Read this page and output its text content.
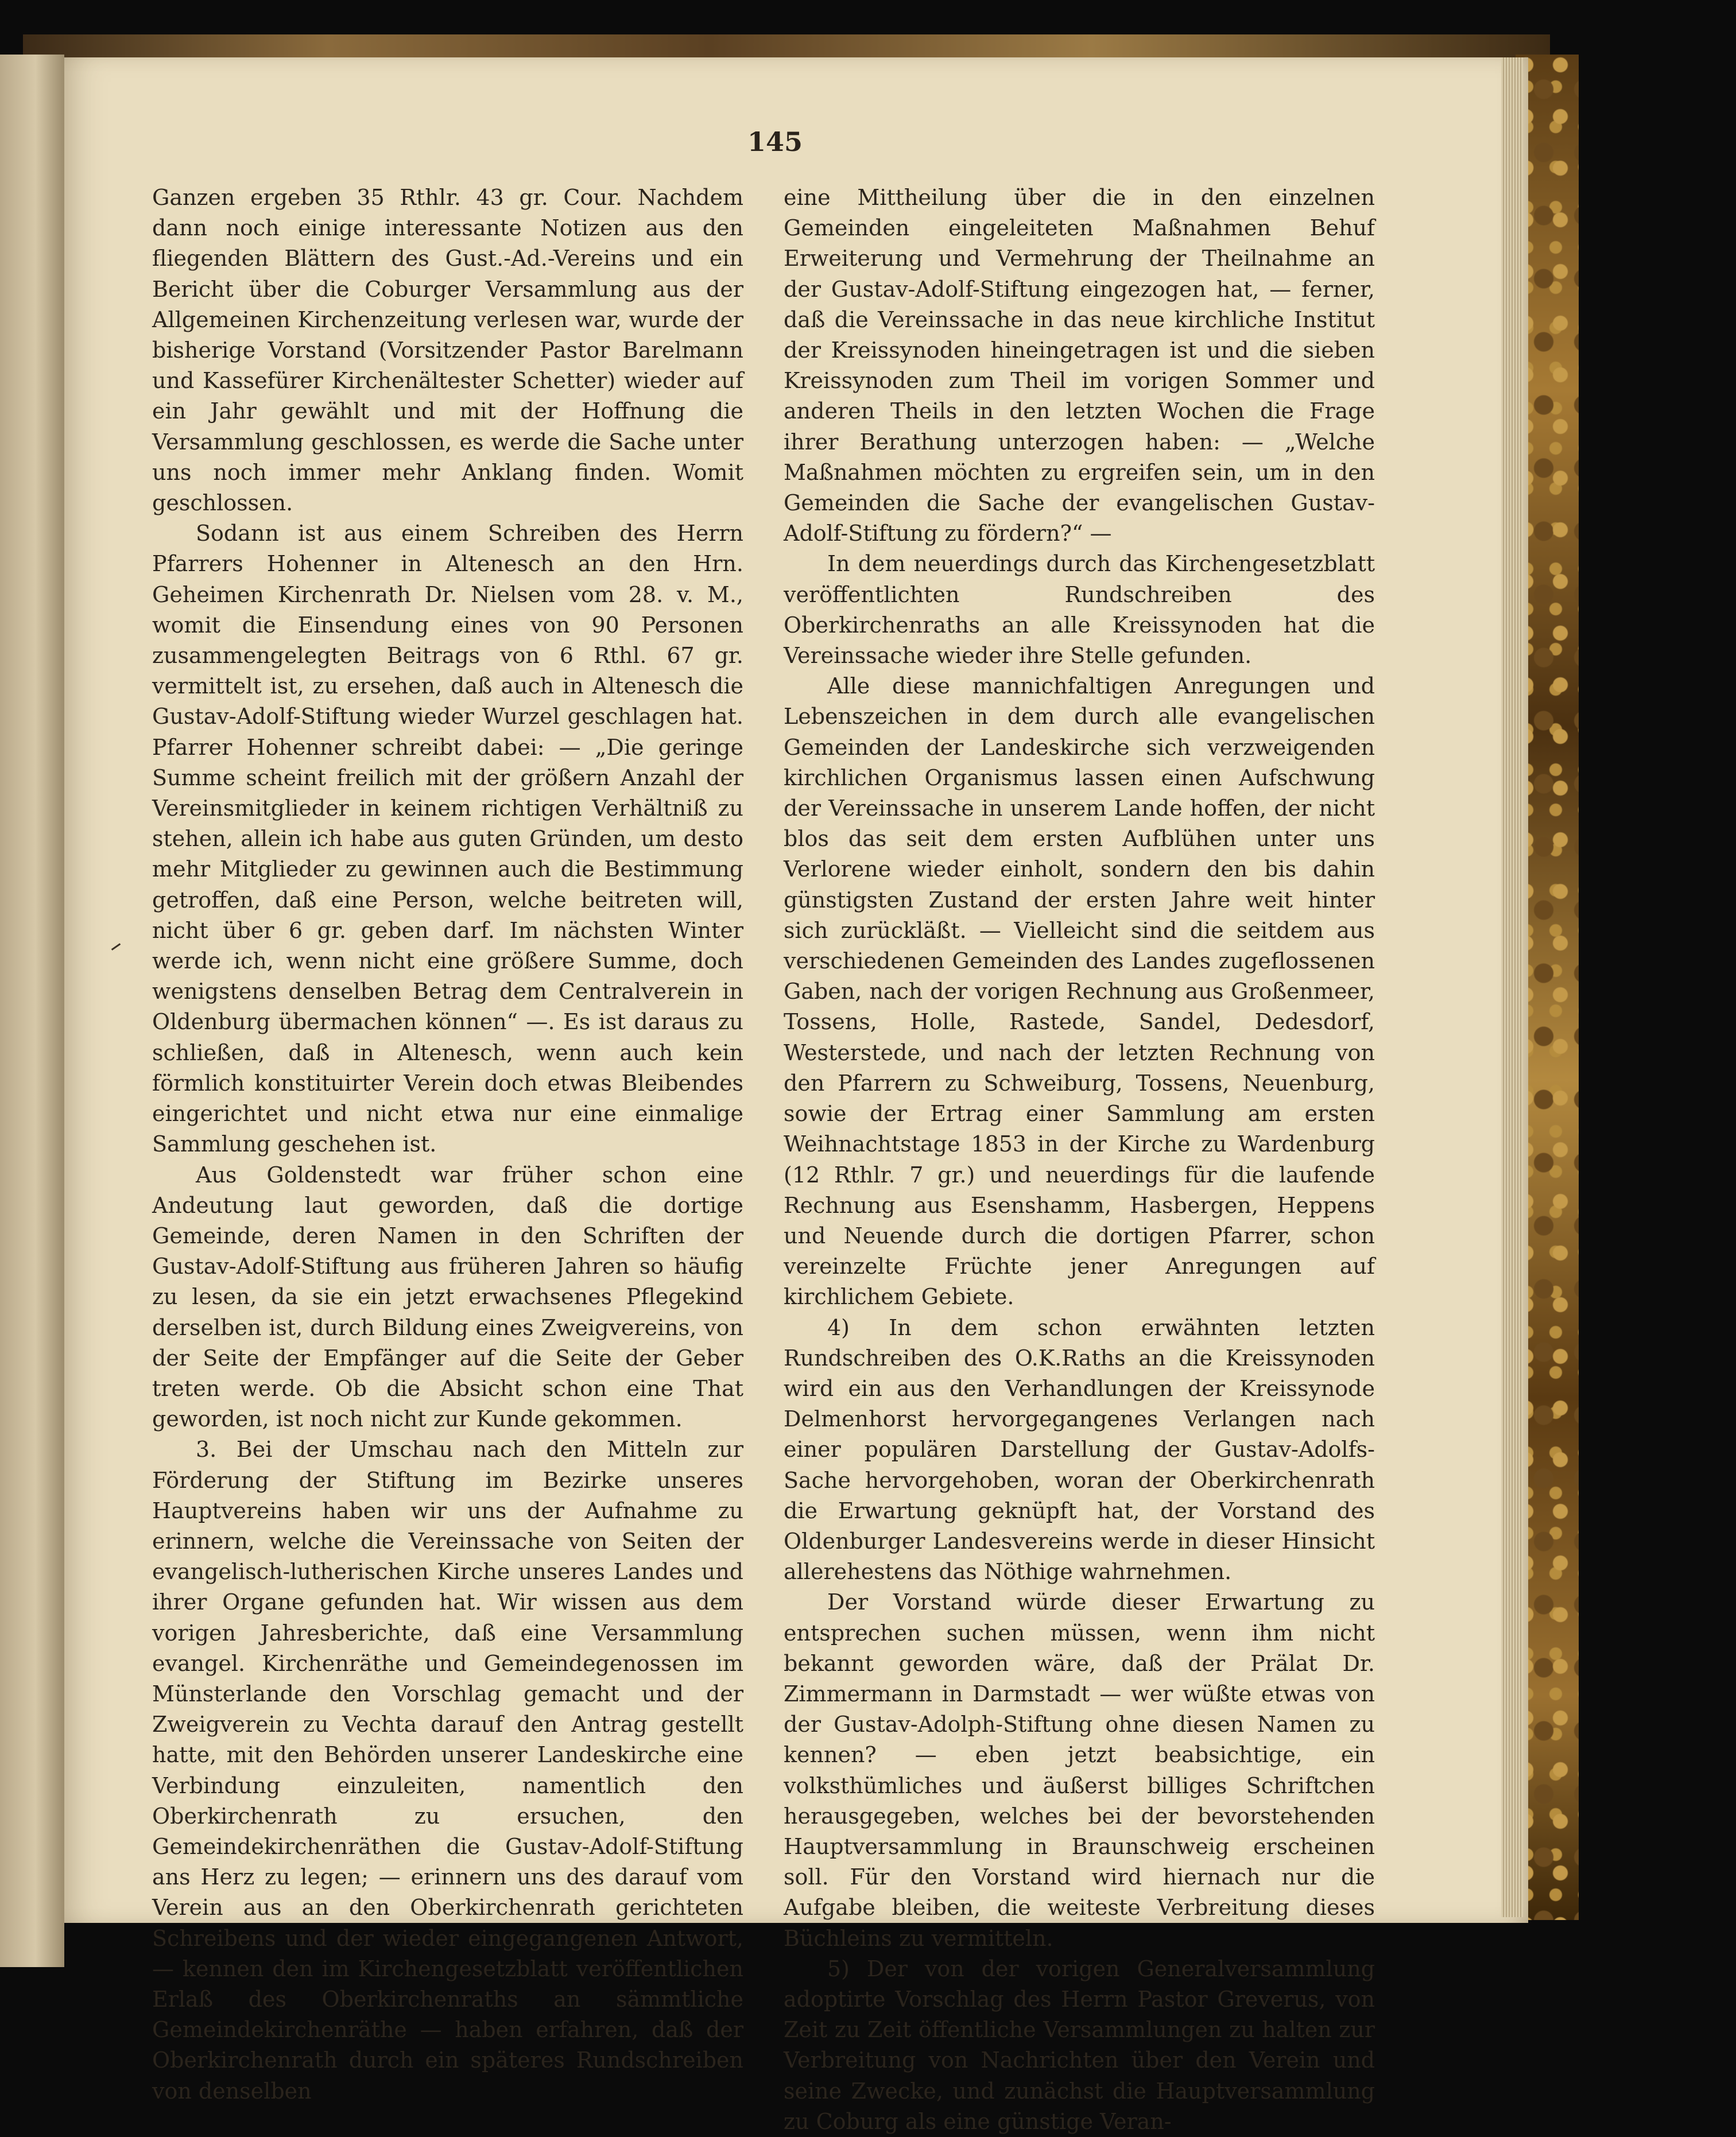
145

Ganzen ergeben 35 Rthlr. 43 gr. Cour. Nachdem dann noch einige interessante Notizen aus den fliegenden Blättern des Gust.-Ad.-Vereins und ein Bericht über die Coburger Versammlung aus der Allgemeinen Kirchenzeitung verlesen war, wurde der bisherige Vorstand (Vorsitzender Pastor Barelmann und Kassefürer Kirchenältester Schetter) wieder auf ein Jahr gewählt und mit der Hoffnung die Versammlung geschlossen, es werde die Sache unter uns noch immer mehr Anklang finden. Womit geschlossen.

Sodann ist aus einem Schreiben des Herrn Pfarrers Hohenner in Altenesch an den Hrn. Geheimen Kirchenrath Dr. Nielsen vom 28. v. M., womit die Einsendung eines von 90 Personen zusammengelegten Beitrags von 6 Rthl. 67 gr. vermittelt ist, zu ersehen, daß auch in Altenesch die Gustav-Adolf-Stiftung wieder Wurzel geschlagen hat. Pfarrer Hohenner schreibt dabei: — „Die geringe Summe scheint freilich mit der größern Anzahl der Vereinsmitglieder in keinem richtigen Verhältniß zu stehen, allein ich habe aus guten Gründen, um desto mehr Mitglieder zu gewinnen auch die Bestimmung getroffen, daß eine Person, welche beitreten will, nicht über 6 gr. geben darf. Im nächsten Winter werde ich, wenn nicht eine größere Summe, doch wenigstens denselben Betrag dem Centralverein in Oldenburg übermachen können“ —. Es ist daraus zu schließen, daß in Altenesch, wenn auch kein förmlich konstituirter Verein doch etwas Bleibendes eingerichtet und nicht etwa nur eine einmalige Sammlung geschehen ist.

Aus Goldenstedt war früher schon eine Andeutung laut geworden, daß die dortige Gemeinde, deren Namen in den Schriften der Gustav-Adolf-Stiftung aus früheren Jahren so häufig zu lesen, da sie ein jetzt erwachsenes Pflegekind derselben ist, durch Bildung eines Zweigvereins, von der Seite der Empfänger auf die Seite der Geber treten werde. Ob die Absicht schon eine That geworden, ist noch nicht zur Kunde gekommen.

3. Bei der Umschau nach den Mitteln zur Förderung der Stiftung im Bezirke unseres Hauptvereins haben wir uns der Aufnahme zu erinnern, welche die Vereinssache von Seiten der evangelisch-lutherischen Kirche unseres Landes und ihrer Organe gefunden hat. Wir wissen aus dem vorigen Jahresberichte, daß eine Versammlung evangel. Kirchenräthe und Gemeindegenossen im Münsterlande den Vorschlag gemacht und der Zweigverein zu Vechta darauf den Antrag gestellt hatte, mit den Behörden unserer Landeskirche eine Verbindung einzuleiten, namentlich den Oberkirchenrath zu ersuchen, den Gemeindekirchenräthen die Gustav-Adolf-Stiftung ans Herz zu legen; — erinnern uns des darauf vom Verein aus an den Oberkirchenrath gerichteten Schreibens und der wieder eingegangenen Antwort, — kennen den im Kirchengesetzblatt veröffentlichen Erlaß des Oberkirchenraths an sämmtliche Gemeindekirchenräthe — haben erfahren, daß der Oberkirchenrath durch ein späteres Rundschreiben von denselben

eine Mittheilung über die in den einzelnen Gemeinden eingeleiteten Maßnahmen Behuf Erweiterung und Vermehrung der Theilnahme an der Gustav-Adolf-Stiftung eingezogen hat, — ferner, daß die Vereinssache in das neue kirchliche Institut der Kreissynoden hineingetragen ist und die sieben Kreissynoden zum Theil im vorigen Sommer und anderen Theils in den letzten Wochen die Frage ihrer Berathung unterzogen haben: — „Welche Maßnahmen möchten zu ergreifen sein, um in den Gemeinden die Sache der evangelischen Gustav-Adolf-Stiftung zu fördern?“ —

In dem neuerdings durch das Kirchengesetzblatt veröffentlichten Rundschreiben des Oberkirchenraths an alle Kreissynoden hat die Vereinssache wieder ihre Stelle gefunden.

Alle diese mannichfaltigen Anregungen und Lebenszeichen in dem durch alle evangelischen Gemeinden der Landeskirche sich verzweigenden kirchlichen Organismus lassen einen Aufschwung der Vereinssache in unserem Lande hoffen, der nicht blos das seit dem ersten Aufblühen unter uns Verlorene wieder einholt, sondern den bis dahin günstigsten Zustand der ersten Jahre weit hinter sich zurückläßt. — Vielleicht sind die seitdem aus verschiedenen Gemeinden des Landes zugeflossenen Gaben, nach der vorigen Rechnung aus Großenmeer, Tossens, Holle, Rastede, Sandel, Dedesdorf, Westerstede, und nach der letzten Rechnung von den Pfarrern zu Schweiburg, Tossens, Neuenburg, sowie der Ertrag einer Sammlung am ersten Weihnachtstage 1853 in der Kirche zu Wardenburg (12 Rthlr. 7 gr.) und neuerdings für die laufende Rechnung aus Esenshamm, Hasbergen, Heppens und Neuende durch die dortigen Pfarrer, schon vereinzelte Früchte jener Anregungen auf kirchlichem Gebiete.

4) In dem schon erwähnten letzten Rundschreiben des O.K.Raths an die Kreissynoden wird ein aus den Verhandlungen der Kreissynode Delmenhorst hervorgegangenes Verlangen nach einer populären Darstellung der Gustav-Adolfs-Sache hervorgehoben, woran der Oberkirchenrath die Erwartung geknüpft hat, der Vorstand des Oldenburger Landesvereins werde in dieser Hinsicht allerehestens das Nöthige wahrnehmen.

Der Vorstand würde dieser Erwartung zu entsprechen suchen müssen, wenn ihm nicht bekannt geworden wäre, daß der Prälat Dr. Zimmermann in Darmstadt — wer wüßte etwas von der Gustav-Adolph-Stiftung ohne diesen Namen zu kennen? — eben jetzt beabsichtige, ein volksthümliches und äußerst billiges Schriftchen herausgegeben, welches bei der bevorstehenden Hauptversammlung in Braunschweig erscheinen soll. Für den Vorstand wird hiernach nur die Aufgabe bleiben, die weiteste Verbreitung dieses Büchleins zu vermitteln.

5) Der von der vorigen Generalversammlung adoptirte Vorschlag des Herrn Pastor Greverus, von Zeit zu Zeit öffentliche Versammlungen zu halten zur Verbreitung von Nachrichten über den Verein und seine Zwecke, und zunächst die Hauptversammlung zu Coburg als eine günstige Veran-
